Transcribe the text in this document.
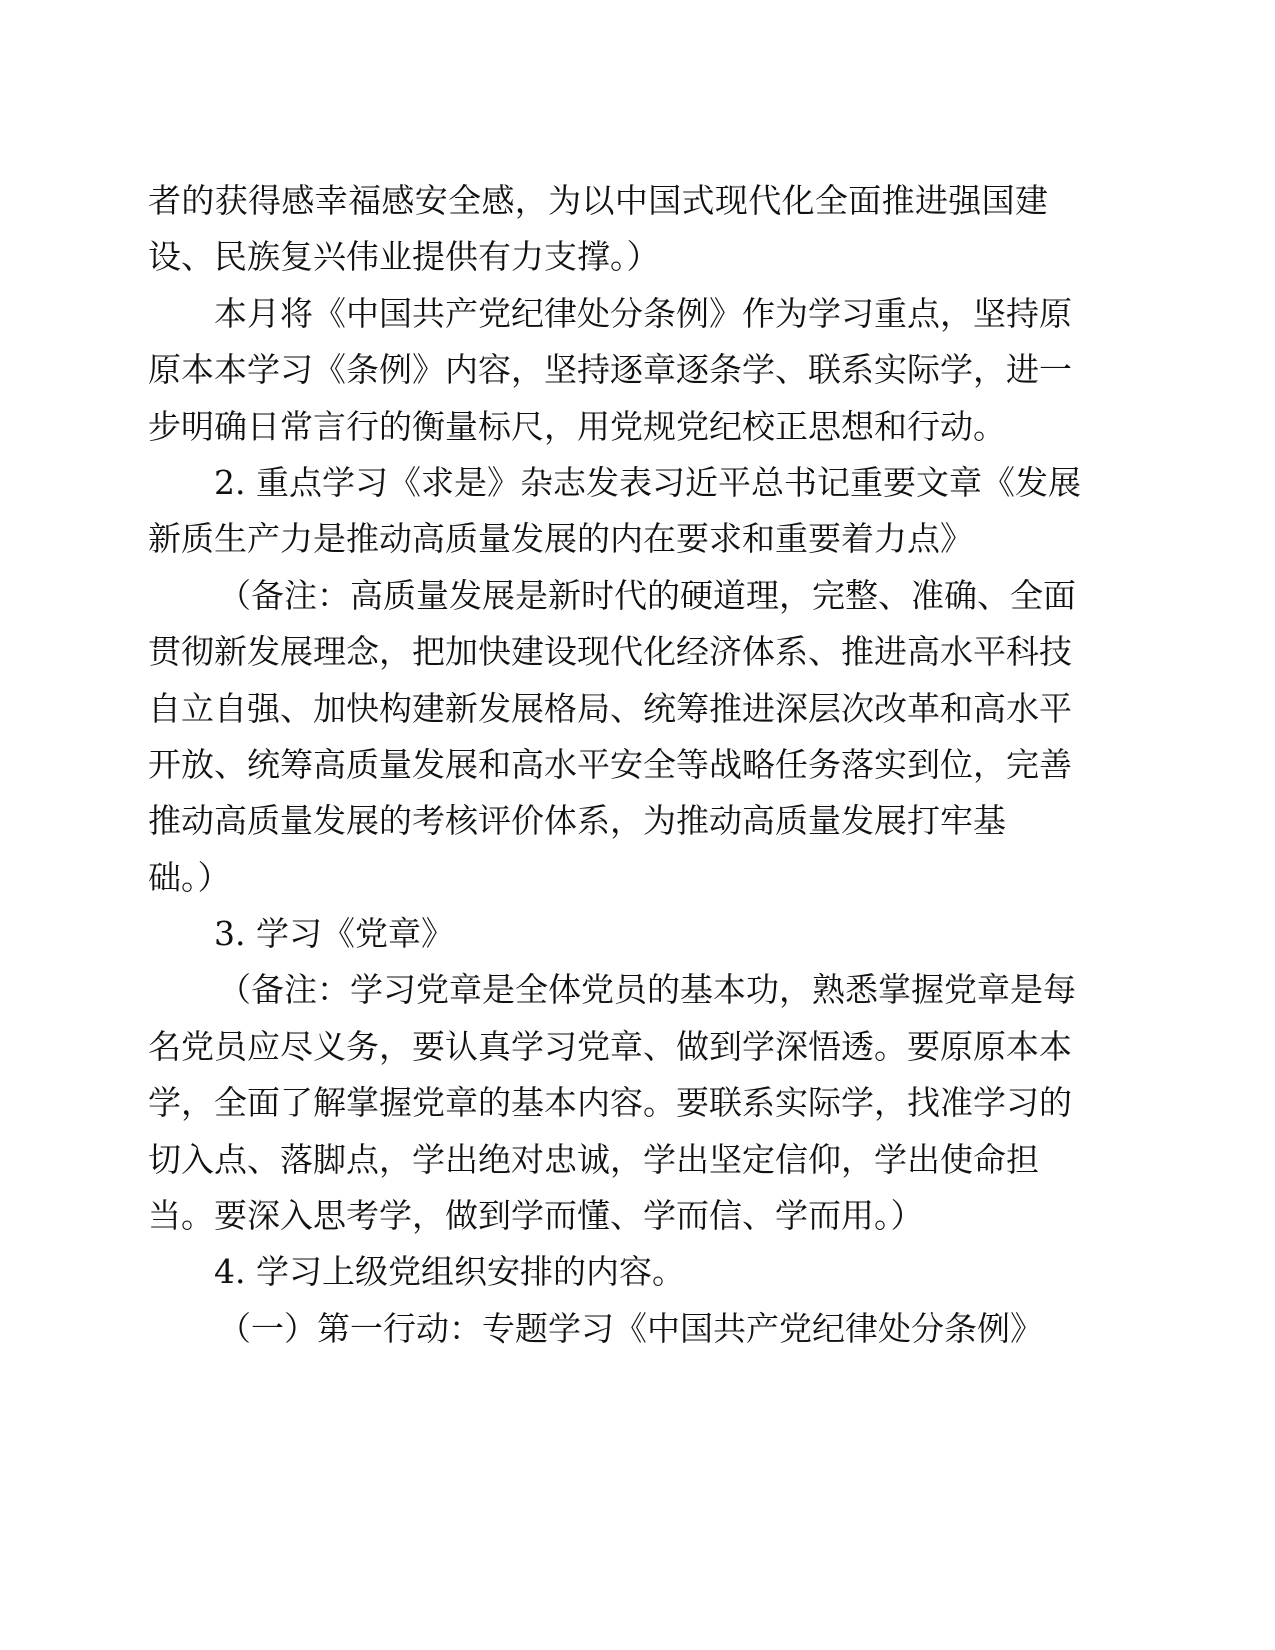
者的获得感幸福感安全感，为以中国式现代化全面推进强国建
设、民族复兴伟业提供有力支撑。）
本月将《中国共产党纪律处分条例》作为学习重点，坚持原
原本本学习《条例》内容，坚持逐章逐条学、联系实际学，进一
步明确日常言行的衡量标尺，用党规党纪校正思想和行动。
2. 重点学习《求是》杂志发表习近平总书记重要文章《发展
新质生产力是推动高质量发展的内在要求和重要着力点》
（备注：高质量发展是新时代的硬道理，完整、准确、全面
贯彻新发展理念，把加快建设现代化经济体系、推进高水平科技
自立自强、加快构建新发展格局、统筹推进深层次改革和高水平
开放、统筹高质量发展和高水平安全等战略任务落实到位，完善
推动高质量发展的考核评价体系，为推动高质量发展打牢基
础。）
3. 学习《党章》
（备注：学习党章是全体党员的基本功，熟悉掌握党章是每
名党员应尽义务，要认真学习党章、做到学深悟透。要原原本本
学，全面了解掌握党章的基本内容。要联系实际学，找准学习的
切入点、落脚点，学出绝对忠诚，学出坚定信仰，学出使命担
当。要深入思考学，做到学而懂、学而信、学而用。）
4. 学习上级党组织安排的内容。
（一）第一行动：专题学习《中国共产党纪律处分条例》
